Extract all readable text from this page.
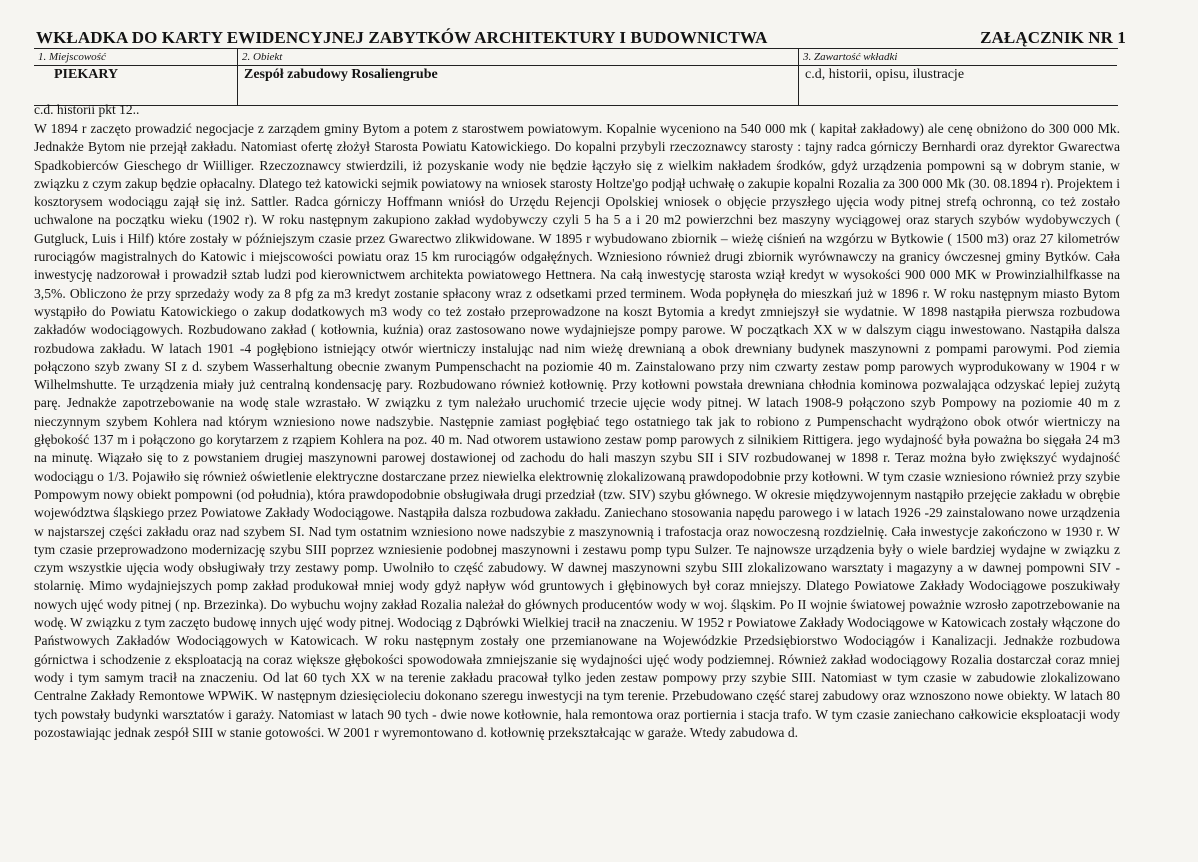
WKŁADKA DO KARTY EWIDENCYJNEJ ZABYTKÓW ARCHITEKTURY I BUDOWNICTWA	ZAŁĄCZNIK NR 1
1. Miejscowość
PIEKARY
2. Obiekt
Zespół zabudowy Rosaliengrube
3. Zawartość wkładki
c.d, historii, opisu, ilustracje
c.d. historii pkt 12..

W 1894 r zaczęto prowadzić negocjacje z zarządem gminy Bytom a potem z starostwem powiatowym. Kopalnie wyceniono na 540 000 mk ( kapitał zakładowy) ale cenę obniżono do 300 000 Mk. Jednakże Bytom nie przejął zakładu. Natomiast ofertę złożył Starosta Powiatu Katowickiego. Do kopalni przybyli rzeczoznawcy starosty : tajny radca górniczy Bernhardi oraz dyrektor Gwarectwa Spadkobierców Gieschego dr Wiilliger. Rzeczoznawcy stwierdzili, iż pozyskanie wody nie będzie łączyło się z wielkim nakładem środków, gdyż urządzenia pompowni są w dobrym stanie, w związku z czym zakup będzie opłacalny. Dlatego też katowicki sejmik powiatowy na wniosek starosty Holtze'go podjął uchwałę o zakupie kopalni Rozalia za 300 000 Mk (30. 08.1894 r). Projektem i kosztorysem wodociągu zajął się inż. Sattler. Radca górniczy Hoffmann wniósł do Urzędu Rejencji Opolskiej wniosek o objęcie przyszłego ujęcia wody pitnej strefą ochronną, co też zostało uchwalone na początku wieku (1902 r). W roku następnym zakupiono zakład wydobywczy czyli 5 ha 5 a i 20 m2 powierzchni bez maszyny wyciągowej oraz starych szybów wydobywczych ( Gutgluck, Luis i Hilf) które zostały w późniejszym czasie przez Gwarectwo zlikwidowane. W 1895 r wybudowano zbiornik – wieżę ciśnień na wzgórzu w Bytkowie ( 1500 m3) oraz 27 kilometrów rurociągów magistralnych do Katowic i miejscowości powiatu oraz 15 km rurociągów odgałęźnych. Wzniesiono również drugi zbiornik wyrównawczy na granicy ówczesnej gminy Bytków. Cała inwestycję nadzorował i prowadził sztab ludzi pod kierownictwem architekta powiatowego Hettnera. Na całą inwestycję starosta wziął kredyt w wysokości 900 000 MK w Prowinzialhilfkasse na 3,5%. Obliczono że przy sprzedaży wody za 8 pfg za m3 kredyt zostanie spłacony wraz z odsetkami przed terminem. Woda popłynęła do mieszkań już w 1896 r. W roku następnym miasto Bytom wystąpiło do Powiatu Katowickiego o zakup dodatkowych m3 wody co też zostało przeprowadzone na koszt Bytomia a kredyt zmniejszył sie wydatnie. W 1898 nastąpiła pierwsza rozbudowa zakładów wodociągowych. Rozbudowano zakład ( kotłownia, kuźnia) oraz zastosowano nowe wydajniejsze pompy parowe. W początkach XX w w dalszym ciągu inwestowano. Nastąpiła dalsza rozbudowa zakładu. W latach 1901 -4 pogłębiono istniejący otwór wiertniczy instalując nad nim wieżę drewnianą a obok drewniany budynek maszynowni z pompami parowymi. Pod ziemia połączono szyb zwany SI z d. szybem Wasserhaltung obecnie zwanym Pumpenschacht na poziomie 40 m. Zainstalowano przy nim czwarty zestaw pomp parowych wyprodukowany w 1904 r w Wilhelmshutte. Te urządzenia miały już centralną kondensację pary. Rozbudowano również kotłownię. Przy kotłowni powstała drewniana chłodnia kominowa pozwalająca odzyskać lepiej zużytą parę. Jednakże zapotrzebowanie na wodę stale wzrastało. W związku z tym należało uruchomić trzecie ujęcie wody pitnej. W latach 1908-9 połączono szyb Pompowy na poziomie 40 m z nieczynnym szybem Kohlera nad którym wzniesiono nowe nadszybie. Następnie zamiast pogłębiać tego ostatniego tak jak to robiono z Pumpenschacht wydrążono obok otwór wiertniczy na głębokość 137 m i połączono go korytarzem z rząpiem Kohlera na poz. 40 m. Nad otworem ustawiono zestaw pomp parowych z silnikiem Rittigera. jego wydajność była poważna bo sięgała 24 m3 na minutę. Wiązało się to z powstaniem drugiej maszynowni parowej dostawionej od zachodu do hali maszyn szybu SII i SIV rozbudowanej w 1898 r. Teraz można było zwiększyć wydajność wodociągu o 1/3. Pojawiło się również oświetlenie elektryczne dostarczane przez niewielka elektrownię zlokalizowaną prawdopodobnie przy kotłowni. W tym czasie wzniesiono również przy szybie Pompowym nowy obiekt pompowni (od południa), która prawdopodobnie obsługiwała drugi przedział (tzw. SIV) szybu głównego. W okresie międzywojennym nastąpiło przejęcie zakładu w obrębie województwa śląskiego przez Powiatowe Zakłady Wodociągowe. Nastąpiła dalsza rozbudowa zakładu. Zaniechano stosowania napędu parowego i w latach 1926 -29 zainstalowano nowe urządzenia w najstarszej części zakładu oraz nad szybem SI. Nad tym ostatnim wzniesiono nowe nadszybie z maszynownią i trafostacja oraz nowoczesną rozdzielnię. Cała inwestycje zakończono w 1930 r. W tym czasie przeprowadzono modernizację szybu SIII poprzez wzniesienie podobnej maszynowni i zestawu pomp typu Sulzer. Te najnowsze urządzenia były o wiele bardziej wydajne w związku z czym wszystkie ujęcia wody obsługiwały trzy zestawy pomp. Uwolniło to część zabudowy. W dawnej maszynowni szybu SIII zlokalizowano warsztaty i magazyny a w dawnej pompowni SIV - stolarnię. Mimo wydajniejszych pomp zakład produkował mniej wody gdyż napływ wód gruntowych i głębinowych był coraz mniejszy. Dlatego Powiatowe Zakłady Wodociągowe poszukiwały nowych ujęć wody pitnej ( np. Brzezinka). Do wybuchu wojny zakład Rozalia należał do głównych producentów wody w woj. śląskim. Po II wojnie światowej poważnie wzrosło zapotrzebowanie na wodę. W związku z tym zaczęto budowę innych ujęć wody pitnej. Wodociąg z Dąbrówki Wielkiej tracił na znaczeniu. W 1952 r Powiatowe Zakłady Wodociągowe w Katowicach zostały włączone do Państwowych Zakładów Wodociągowych w Katowicach. W roku następnym zostały one przemianowane na Wojewódzkie Przedsiębiorstwo Wodociągów i Kanalizacji. Jednakże rozbudowa górnictwa i schodzenie z eksploatacją na coraz większe głębokości spowodowała zmniejszanie się wydajności ujęć wody podziemnej. Również zakład wodociągowy Rozalia dostarczał coraz mniej wody i tym samym tracił na znaczeniu. Od lat 60 tych XX w na terenie zakładu pracował tylko jeden zestaw pompowy przy szybie SIII. Natomiast w tym czasie w zabudowie zlokalizowano Centralne Zakłady Remontowe WPWiK. W następnym dziesięcioleciu dokonano szeregu inwestycji na tym terenie. Przebudowano część starej zabudowy oraz wznoszono nowe obiekty. W latach 80 tych powstały budynki warsztatów i garaży. Natomiast w latach 90 tych - dwie nowe kotłownie, hala remontowa oraz portiernia i stacja trafo. W tym czasie zaniechano całkowicie eksploatacji wody pozostawiając jednak zespół SIII w stanie gotowości. W 2001 r wyremontowano d. kotłownię przekształcając w garaże. Wtedy zabudowa d.
